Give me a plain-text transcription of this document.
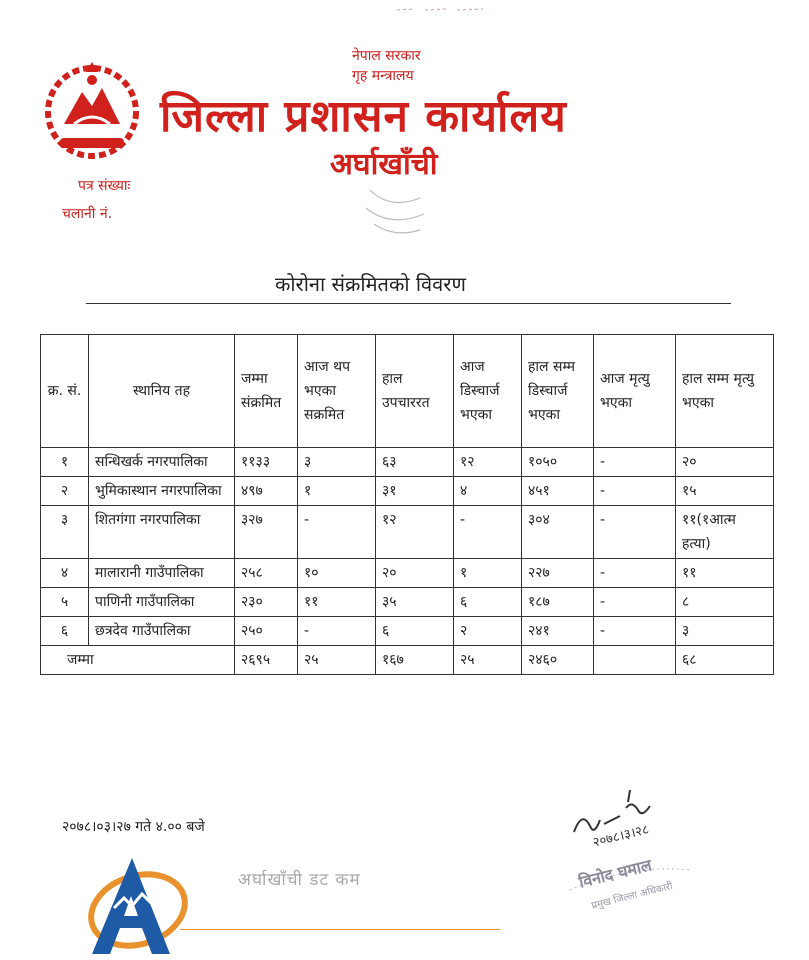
नेपाल सरकार
गृह मन्त्रालय
जिल्ला प्रशासन कार्यालय
अर्घाखाँची
पत्र संख्याः
चलानी नं.
कोरोना संक्रमितको विवरण
क्र. सं.	स्थानिय तह	जम्मा संक्रमित	आज थप भएका सक्रमित	हाल उपचाररत	आज डिस्चार्ज भएका	हाल सम्म डिस्चार्ज भएका	आज मृत्यु भएका	हाल सम्म मृत्यु भएका
१	सन्धिखर्क नगरपालिका	११३३	३	६३	१२	१०५०	-	२०
२	भुमिकास्थान नगरपालिका	४९७	१	३१	४	४५१	-	१५
३	शितगंगा नगरपालिका	३२७	-	१२	-	३०४	-	११(१आत्म हत्या)
४	मालारानी गाउँपालिका	२५८	१०	२०	१	२२७	-	११
५	पाणिनी गाउँपालिका	२३०	११	३५	६	१८७	-	८
६	छत्रदेव गाउँपालिका	२५०	-	६	२	२४१	-	३
जम्मा		२६९५	२५	१६७	२५	२४६०		६८
२०७८।०३।२७ गते ४.०० बजे	२०७८।३।२८
विनोद घमाल
प्रमुख जिल्ला अधिकारी
अर्घाखाँची डट कम
